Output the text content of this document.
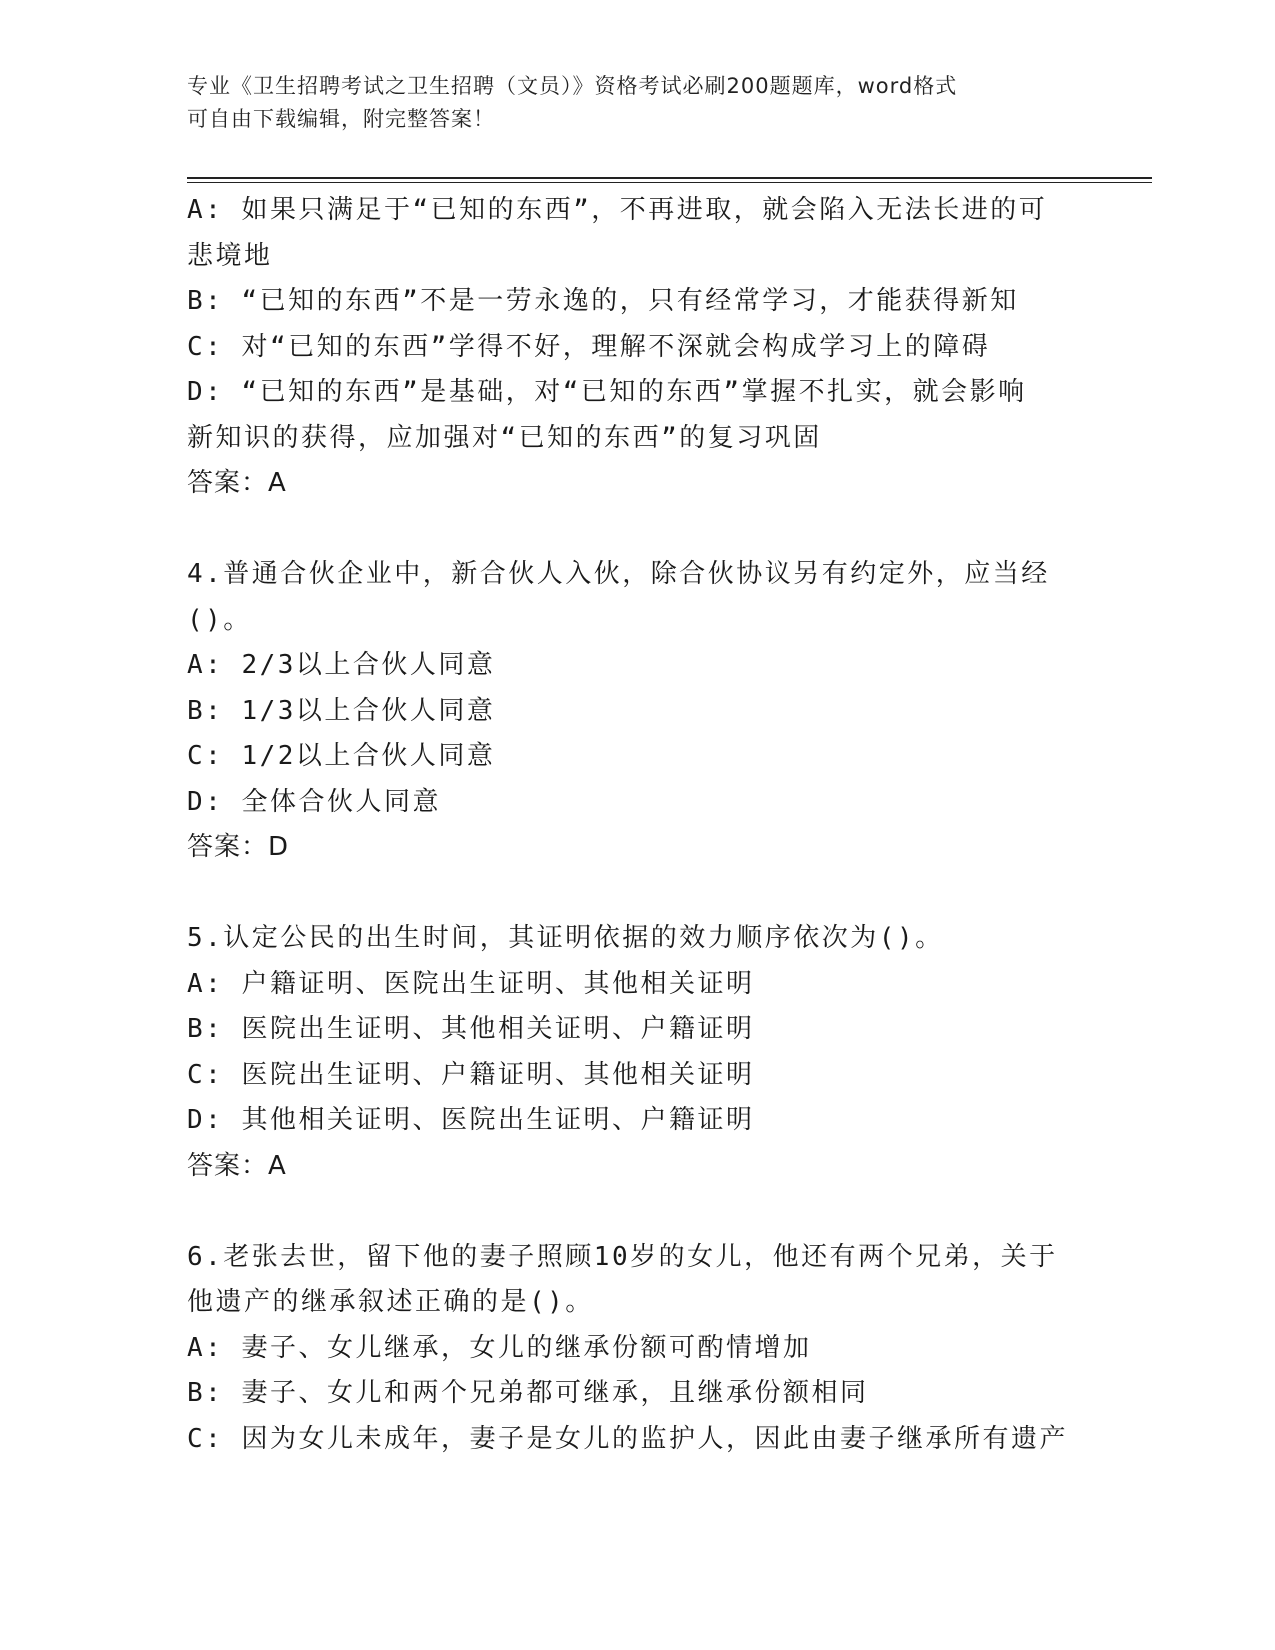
专业《卫生招聘考试之卫生招聘（文员）》资格考试必刷200题题库，word格式
可自由下载编辑，附完整答案！
A: 如果只满足于“已知的东西”，不再进取，就会陷入无法长进的可
悲境地
B: “已知的东西”不是一劳永逸的，只有经常学习，才能获得新知
C: 对“已知的东西”学得不好，理解不深就会构成学习上的障碍
D: “已知的东西”是基础，对“已知的东西”掌握不扎实，就会影响
新知识的获得，应加强对“已知的东西”的复习巩固
答案：A
4.普通合伙企业中，新合伙人入伙，除合伙协议另有约定外，应当经
()。
A: 2/3以上合伙人同意
B: 1/3以上合伙人同意
C: 1/2以上合伙人同意
D: 全体合伙人同意
答案：D
5.认定公民的出生时间，其证明依据的效力顺序依次为()。
A: 户籍证明、医院出生证明、其他相关证明
B: 医院出生证明、其他相关证明、户籍证明
C: 医院出生证明、户籍证明、其他相关证明
D: 其他相关证明、医院出生证明、户籍证明
答案：A
6.老张去世，留下他的妻子照顾10岁的女儿，他还有两个兄弟，关于
他遗产的继承叙述正确的是()。
A: 妻子、女儿继承，女儿的继承份额可酌情增加
B: 妻子、女儿和两个兄弟都可继承，且继承份额相同
C: 因为女儿未成年，妻子是女儿的监护人，因此由妻子继承所有遗产
